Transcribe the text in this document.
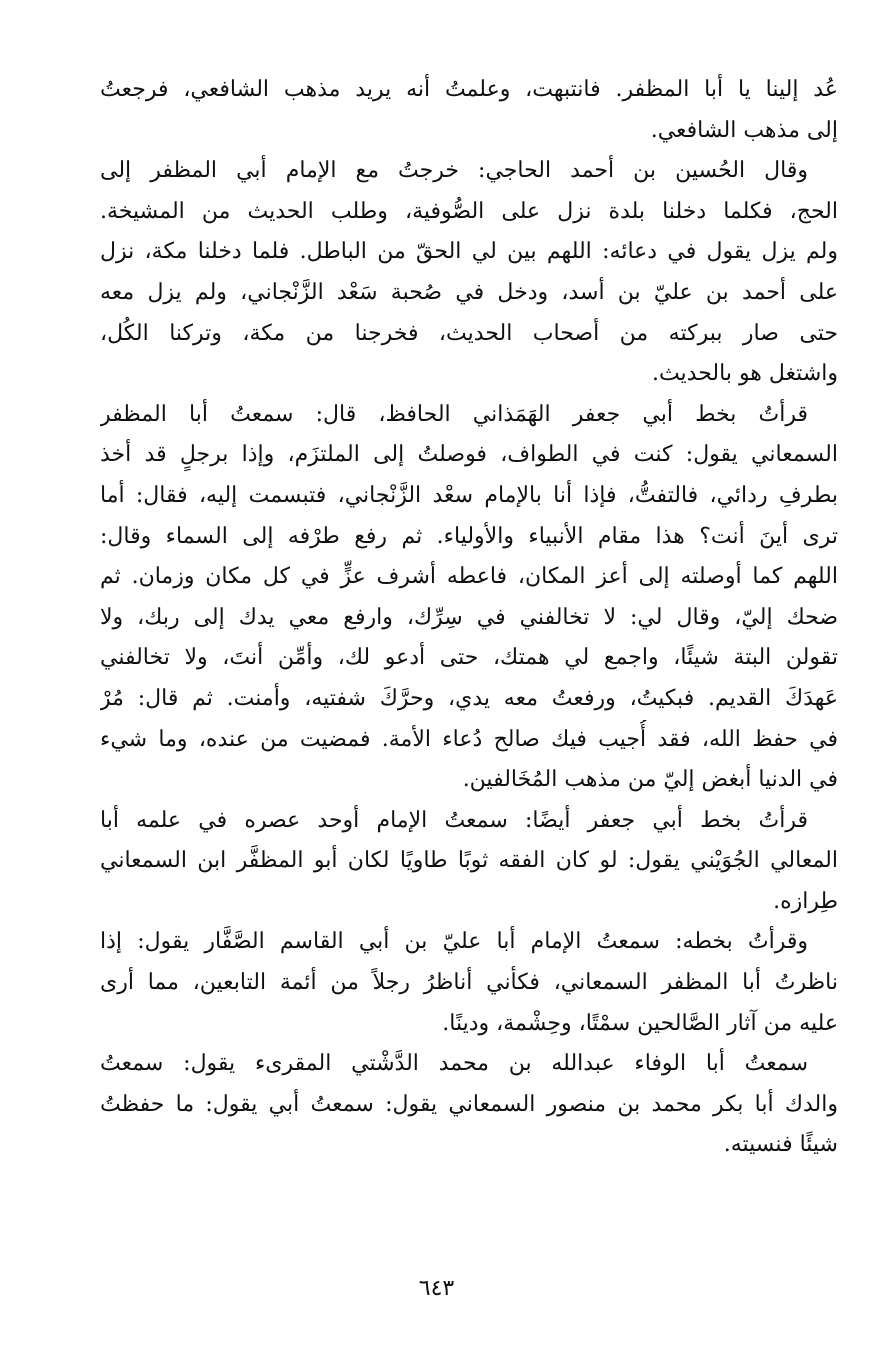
عُد إلينا يا أبا المظفر. فانتبهت، وعلمتُ أنه يريد مذهب الشافعي، فرجعتُ
إلى مذهب الشافعي.

وقال الحُسين بن أحمد الحاجي: خرجتُ مع الإمام أبي المظفر إلى
الحج، فكلما دخلنا بلدة نزل على الصُّوفية، وطلب الحديث من المشيخة.
ولم يزل يقول في دعائه: اللهم بين لي الحقّ من الباطل. فلما دخلنا مكة، نزل
على أحمد بن عليّ بن أسد، ودخل في صُحبة سَعْد الزَّنْجاني، ولم يزل معه
حتى صار ببركته من أصحاب الحديث، فخرجنا من مكة، وتركنا الكُل،
واشتغل هو بالحديث.

قرأتُ بخط أبي جعفر الهَمَذاني الحافظ، قال: سمعتُ أبا المظفر
السمعاني يقول: كنت في الطواف، فوصلتُ إلى الملتزَم، وإذا برجلٍ قد أخذ
بطرفِ ردائي، فالتفتُّ، فإذا أنا بالإمام سعْد الزَّنْجاني، فتبسمت إليه، فقال: أما
ترى أينَ أنت؟ هذا مقام الأنبياء والأولياء. ثم رفع طرْفه إلى السماء وقال:
اللهم كما أوصلته إلى أعز المكان، فاعطه أشرف عزٍّ في كل مكان وزمان. ثم
ضحك إليّ، وقال لي: لا تخالفني في سِرِّك، وارفع معي يدك إلى ربك، ولا
تقولن البتة شيئًا، واجمع لي همتك، حتى أدعو لك، وأمِّن أنتَ، ولا تخالفني
عَهدَكَ القديم. فبكيتُ، ورفعتُ معه يدي، وحرَّكَ شفتيه، وأمنت. ثم قال: مُرْ
في حفظ الله، فقد أُجيب فيك صالح دُعاء الأمة. فمضيت من عنده، وما شيء
في الدنيا أبغض إليّ من مذهب المُخَالفين.

قرأتُ بخط أبي جعفر أيضًا: سمعتُ الإمام أوحد عصره في علمه أبا
المعالي الجُوَيْني يقول: لو كان الفقه ثوبًا طاويًا لكان أبو المظفَّر ابن السمعاني
طِرازه.

وقرأتُ بخطه: سمعتُ الإمام أبا عليّ بن أبي القاسم الصَّفَّار يقول: إذا
ناظرتُ أبا المظفر السمعاني، فكأني أناظرُ رجلاً من أئمة التابعين، مما أرى
عليه من آثار الصَّالحين سمْتًا، وحِشْمة، ودينًا.

سمعتُ أبا الوفاء عبدالله بن محمد الدَّشْتي المقرىء يقول: سمعتُ
والدك أبا بكر محمد بن منصور السمعاني يقول: سمعتُ أبي يقول: ما حفظتُ
شيئًا فنسيته.

٦٤٣
